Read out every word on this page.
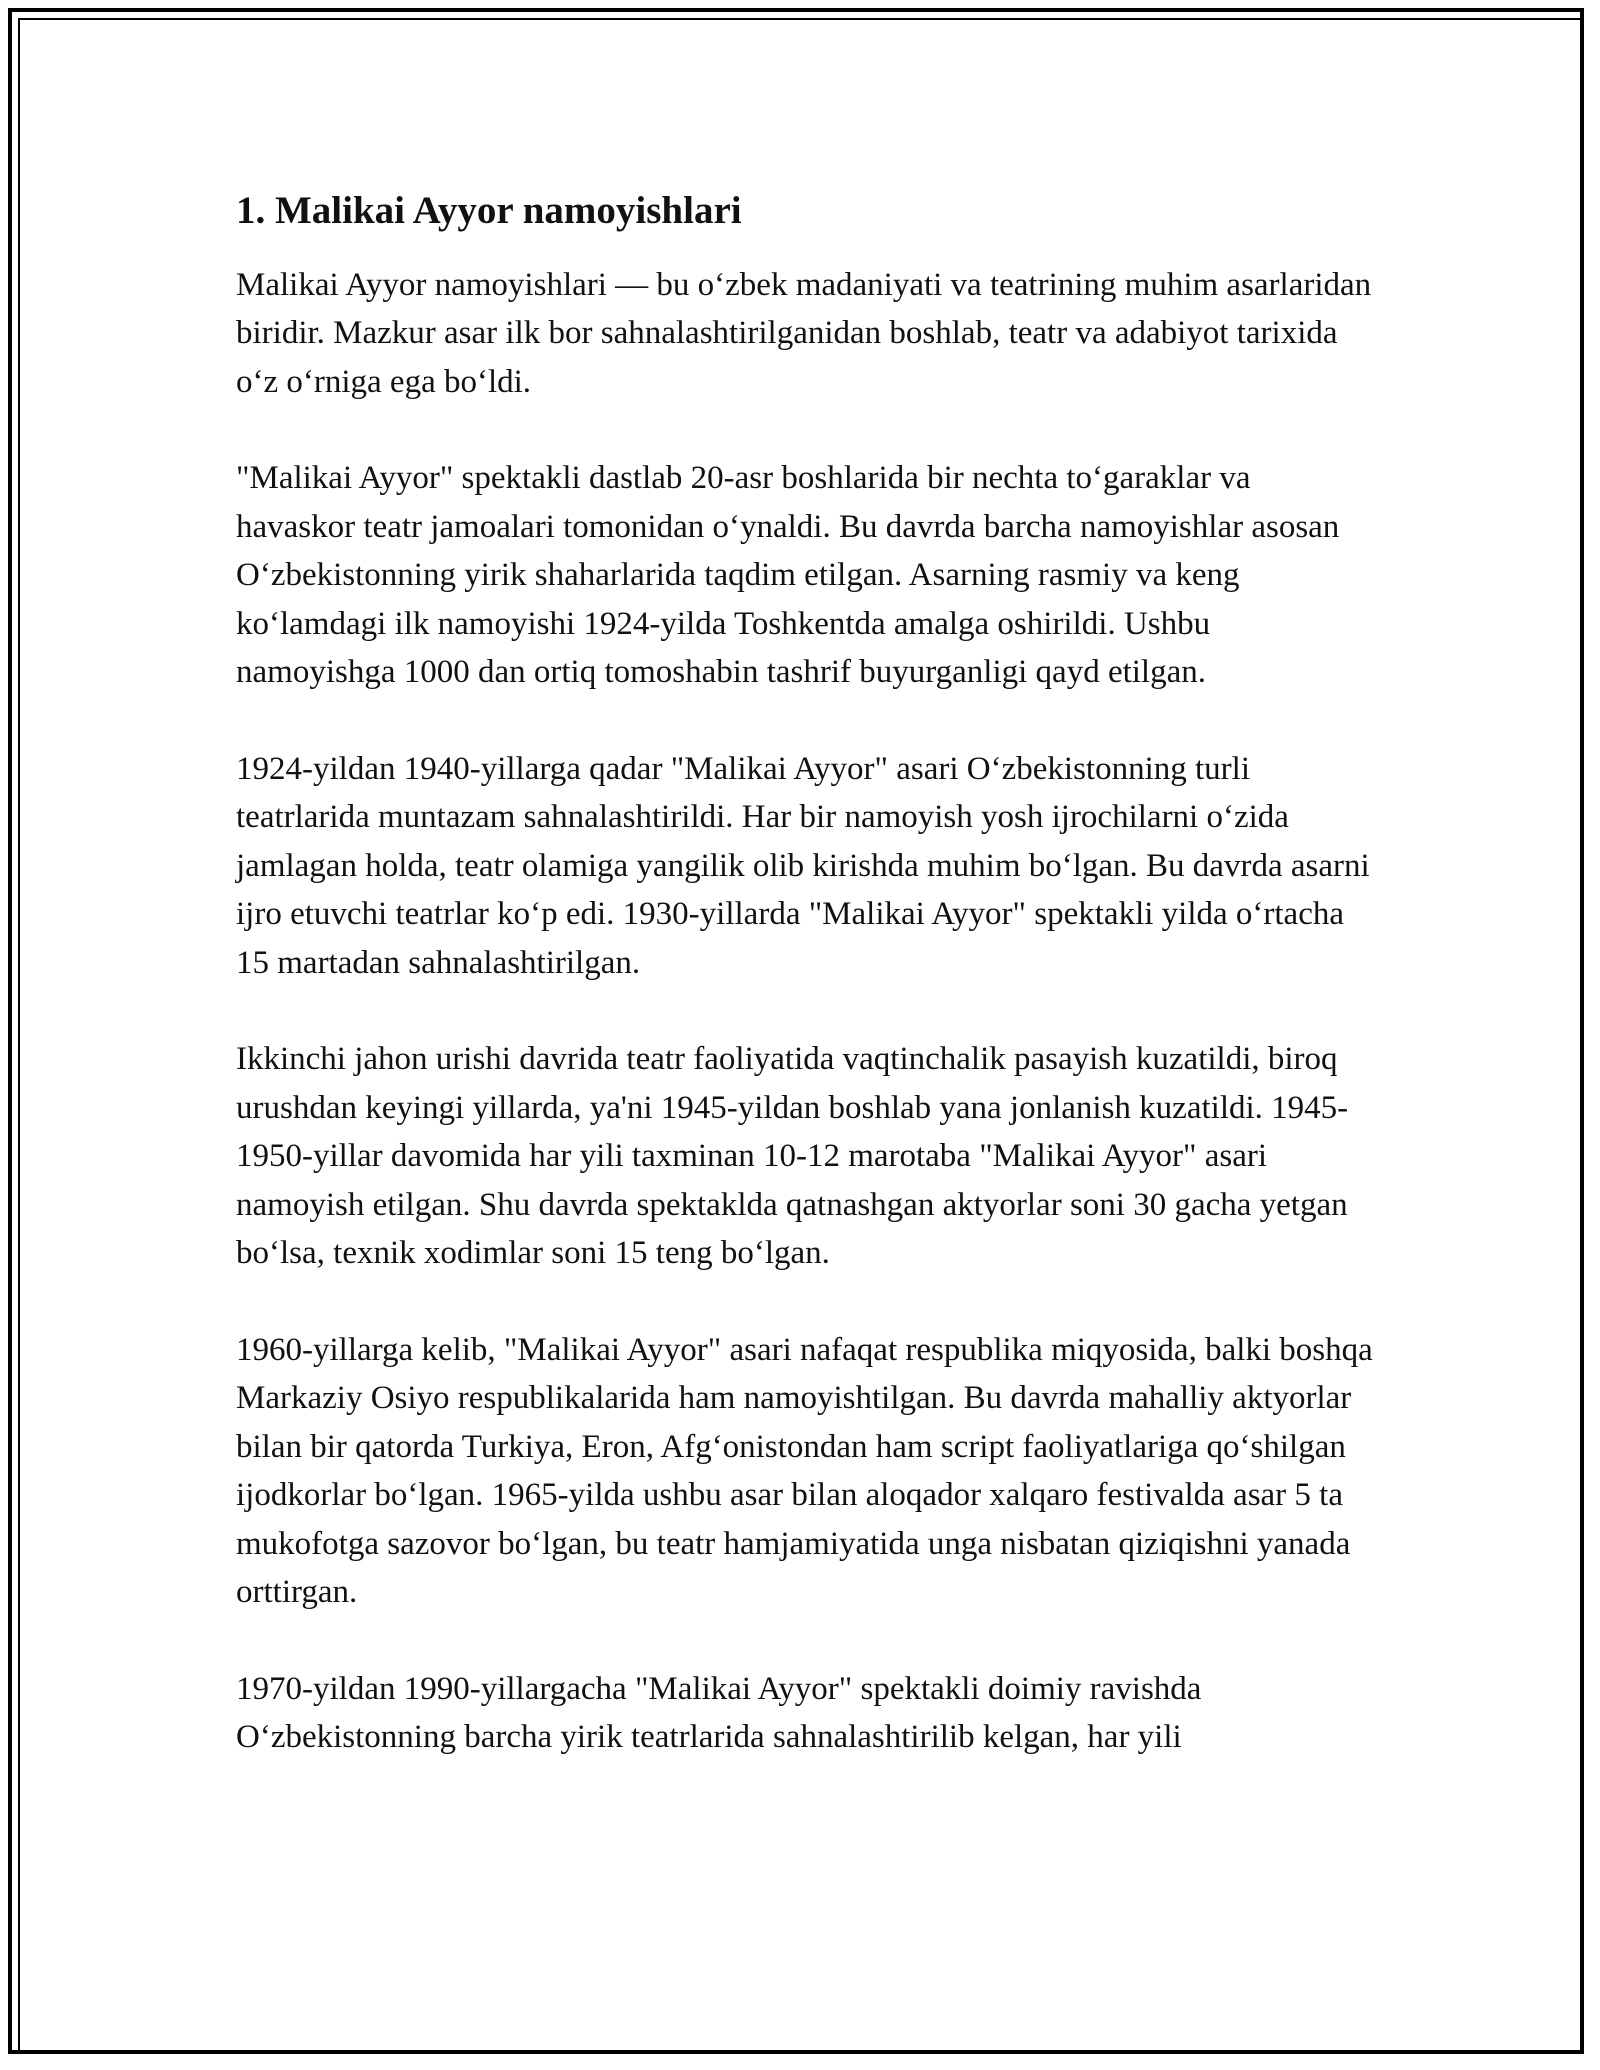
1. Malikai Ayyor namoyishlari

Malikai Ayyor namoyishlari — bu o‘zbek madaniyati va teatrining muhim asarlaridan biridir. Mazkur asar ilk bor sahnalashtirilganidan boshlab, teatr va adabiyot tarixida o‘z o‘rniga ega bo‘ldi.

"Malikai Ayyor" spektakli dastlab 20-asr boshlarida bir nechta to‘garaklar va havaskor teatr jamoalari tomonidan o‘ynaldi. Bu davrda barcha namoyishlar asosan O‘zbekistonning yirik shaharlarida taqdim etilgan. Asarning rasmiy va keng ko‘lamdagi ilk namoyishi 1924-yilda Toshkentda amalga oshirildi. Ushbu namoyishga 1000 dan ortiq tomoshabin tashrif buyurganligi qayd etilgan.

1924-yildan 1940-yillarga qadar "Malikai Ayyor" asari O‘zbekistonning turli teatrlarida muntazam sahnalashtirildi. Har bir namoyish yosh ijrochilarni o‘zida jamlagan holda, teatr olamiga yangilik olib kirishda muhim bo‘lgan. Bu davrda asarni ijro etuvchi teatrlar ko‘p edi. 1930-yillarda "Malikai Ayyor" spektakli yilda o‘rtacha 15 martadan sahnalashtirilgan.

Ikkinchi jahon urishi davrida teatr faoliyatida vaqtinchalik pasayish kuzatildi, biroq urushdan keyingi yillarda, ya'ni 1945-yildan boshlab yana jonlanish kuzatildi. 1945-1950-yillar davomida har yili taxminan 10-12 marotaba "Malikai Ayyor" asari namoyish etilgan. Shu davrda spektakldа qatnashgan aktyorlar soni 30 gacha yetgan bo‘lsa, texnik xodimlar soni 15 teng bo‘lgan.

1960-yillarga kelib, "Malikai Ayyor" asari nafaqat respublika miqyosida, balki boshqa Markaziy Osiyo respublikalarida ham namoyishtilgan. Bu davrda mahalliy aktyorlar bilan bir qatorda Turkiya, Eron, Afg‘onistondan ham script faoliyatlariga qo‘shilgan ijodkorlar bo‘lgan. 1965-yilda ushbu asar bilan aloqador xalqaro festivalda asar 5 ta mukofotga sazovor bo‘lgan, bu teatr hamjamiyatida unga nisbatan qiziqishni yanada orttirgan.

1970-yildan 1990-yillargacha "Malikai Ayyor" spektakli doimiy ravishda O‘zbekistonning barcha yirik teatrlarida sahnalashtirilib kelgan, har yili
